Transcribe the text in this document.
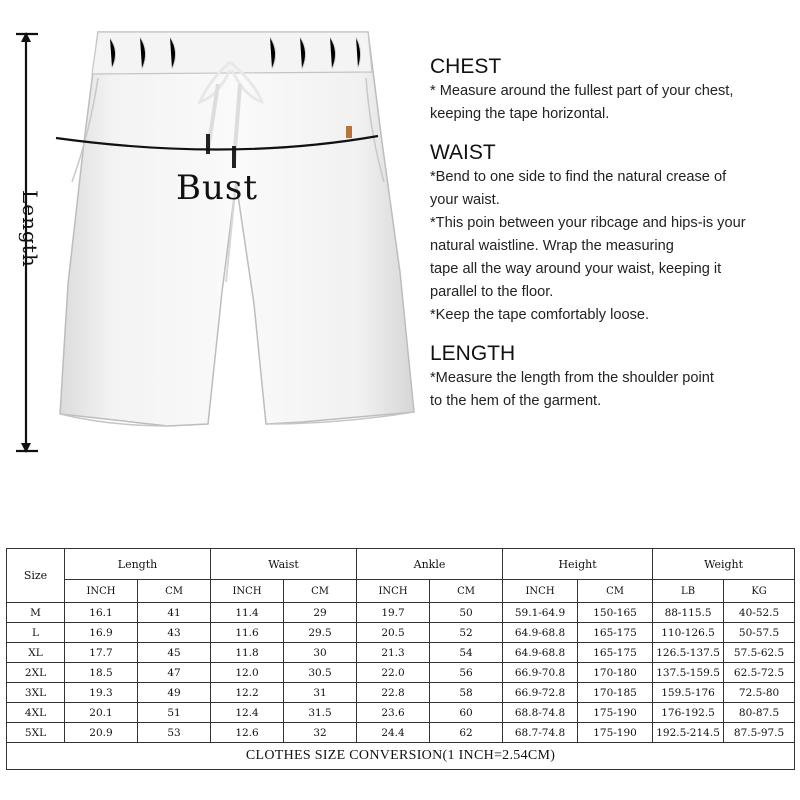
Length
Bust

CHEST

* Measure around the fullest part of your chest,

keeping the tape horizontal.

WAIST

*Bend to one side to find the natural crease of

your waist.

*This poin between your ribcage and hips-is your

natural waistline. Wrap the measuring

tape all the way around your waist, keeping it

parallel to the floor.

*Keep the tape comfortably loose.

LENGTH

*Measure the length from the shoulder point

to the hem of the garment.

Size	Length		Waist		Ankle		Height		Weight	
	INCH	CM	INCH	CM	INCH	CM	INCH	CM	LB	KG
M	16.1	41	11.4	29	19.7	50	59.1-64.9	150-165	88-115.5	40-52.5
L	16.9	43	11.6	29.5	20.5	52	64.9-68.8	165-175	110-126.5	50-57.5
XL	17.7	45	11.8	30	21.3	54	64.9-68.8	165-175	126.5-137.5	57.5-62.5
2XL	18.5	47	12.0	30.5	22.0	56	66.9-70.8	170-180	137.5-159.5	62.5-72.5
3XL	19.3	49	12.2	31	22.8	58	66.9-72.8	170-185	159.5-176	72.5-80
4XL	20.1	51	12.4	31.5	23.6	60	68.8-74.8	175-190	176-192.5	80-87.5
5XL	20.9	53	12.6	32	24.4	62	68.7-74.8	175-190	192.5-214.5	87.5-97.5
CLOTHES SIZE CONVERSION(1 INCH=2.54CM)										
